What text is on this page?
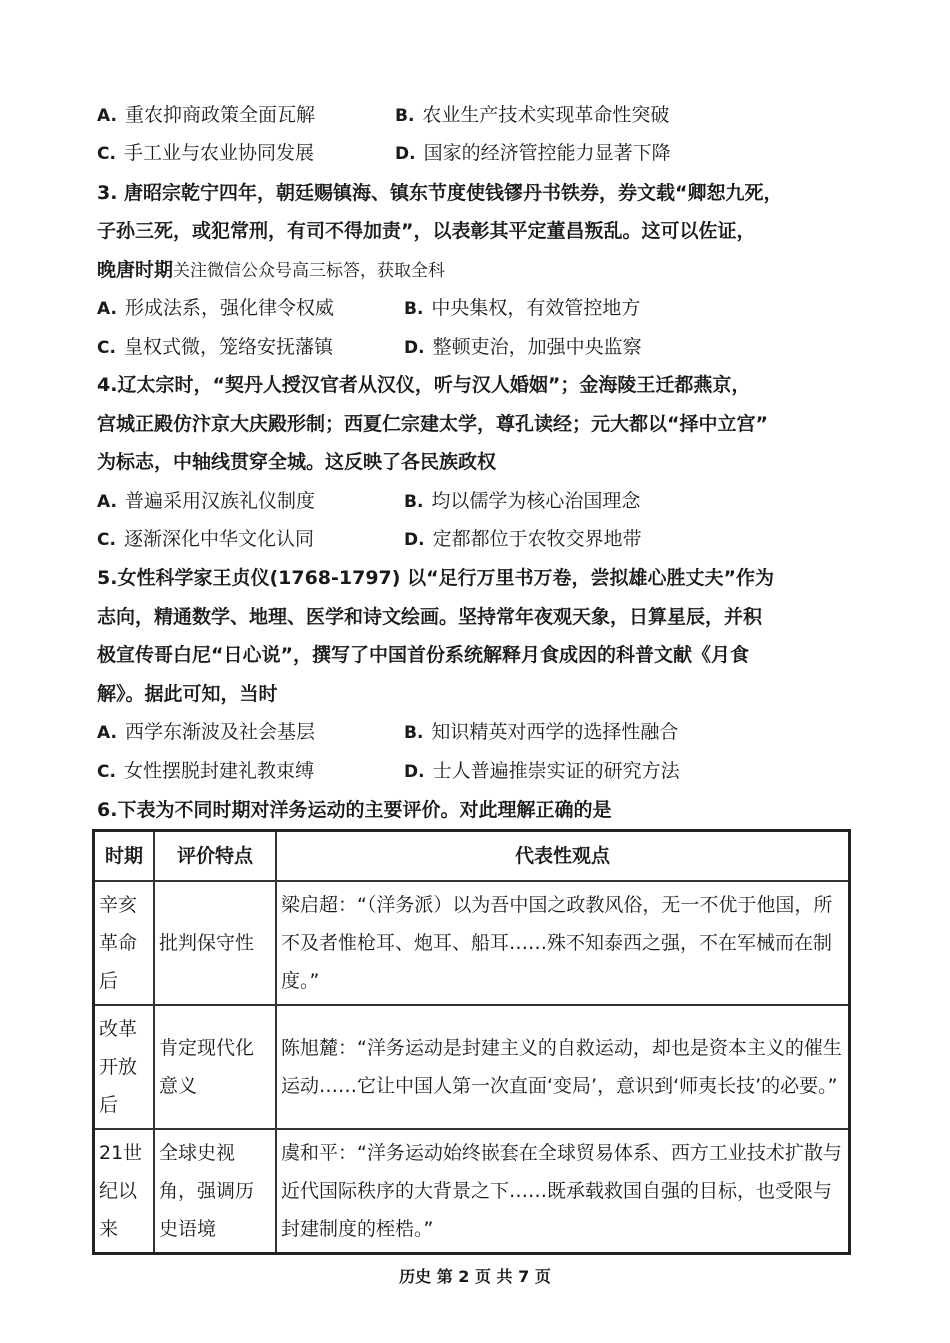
A. 重农抑商政策全面瓦解	B. 农业生产技术实现革命性突破
C. 手工业与农业协同发展	D. 国家的经济管控能力显著下降
3. 唐昭宗乾宁四年，朝廷赐镇海、镇东节度使钱镠丹书铁券，券文载“卿恕九死，
子孙三死，或犯常刑，有司不得加责”，以表彰其平定董昌叛乱。这可以佐证，
晚唐时期关注微信公众号高三标答，获取全科
A. 形成法系，强化律令权威	B. 中央集权，有效管控地方
C. 皇权式微，笼络安抚藩镇	D. 整顿吏治，加强中央监察
4.辽太宗时，“契丹人授汉官者从汉仪，听与汉人婚姻”；金海陵王迁都燕京，
宫城正殿仿汴京大庆殿形制；西夏仁宗建太学，尊孔读经；元大都以“择中立宫”
为标志，中轴线贯穿全城。这反映了各民族政权
A. 普遍采用汉族礼仪制度	B. 均以儒学为核心治国理念
C. 逐渐深化中华文化认同	D. 定都都位于农牧交界地带
5.女性科学家王贞仪(1768-1797) 以“足行万里书万卷，尝拟雄心胜丈夫”作为
志向，精通数学、地理、医学和诗文绘画。坚持常年夜观天象，日算星辰，并积
极宣传哥白尼“日心说”，撰写了中国首份系统解释月食成因的科普文献《月食
解》。据此可知，当时
A. 西学东渐波及社会基层	B. 知识精英对西学的选择性融合
C. 女性摆脱封建礼教束缚	D. 士人普遍推崇实证的研究方法
6.下表为不同时期对洋务运动的主要评价。对此理解正确的是
时期	评价特点	代表性观点
辛亥革命后	批判保守性	梁启超：“（洋务派）以为吾中国之政教风俗，无一不优于他国，所不及者惟枪耳、炮耳、船耳……殊不知泰西之强，不在军械而在制度。”
改革开放后	肯定现代化意义	陈旭麓：“洋务运动是封建主义的自救运动，却也是资本主义的催生运动……它让中国人第一次直面‘变局’，意识到‘师夷长技’的必要。”
21世纪以来	全球史视角，强调历史语境	虞和平：“洋务运动始终嵌套在全球贸易体系、西方工业技术扩散与近代国际秩序的大背景之下……既承载救国自强的目标，也受限与封建制度的桎梏。”
历史 第 2 页 共 7 页
